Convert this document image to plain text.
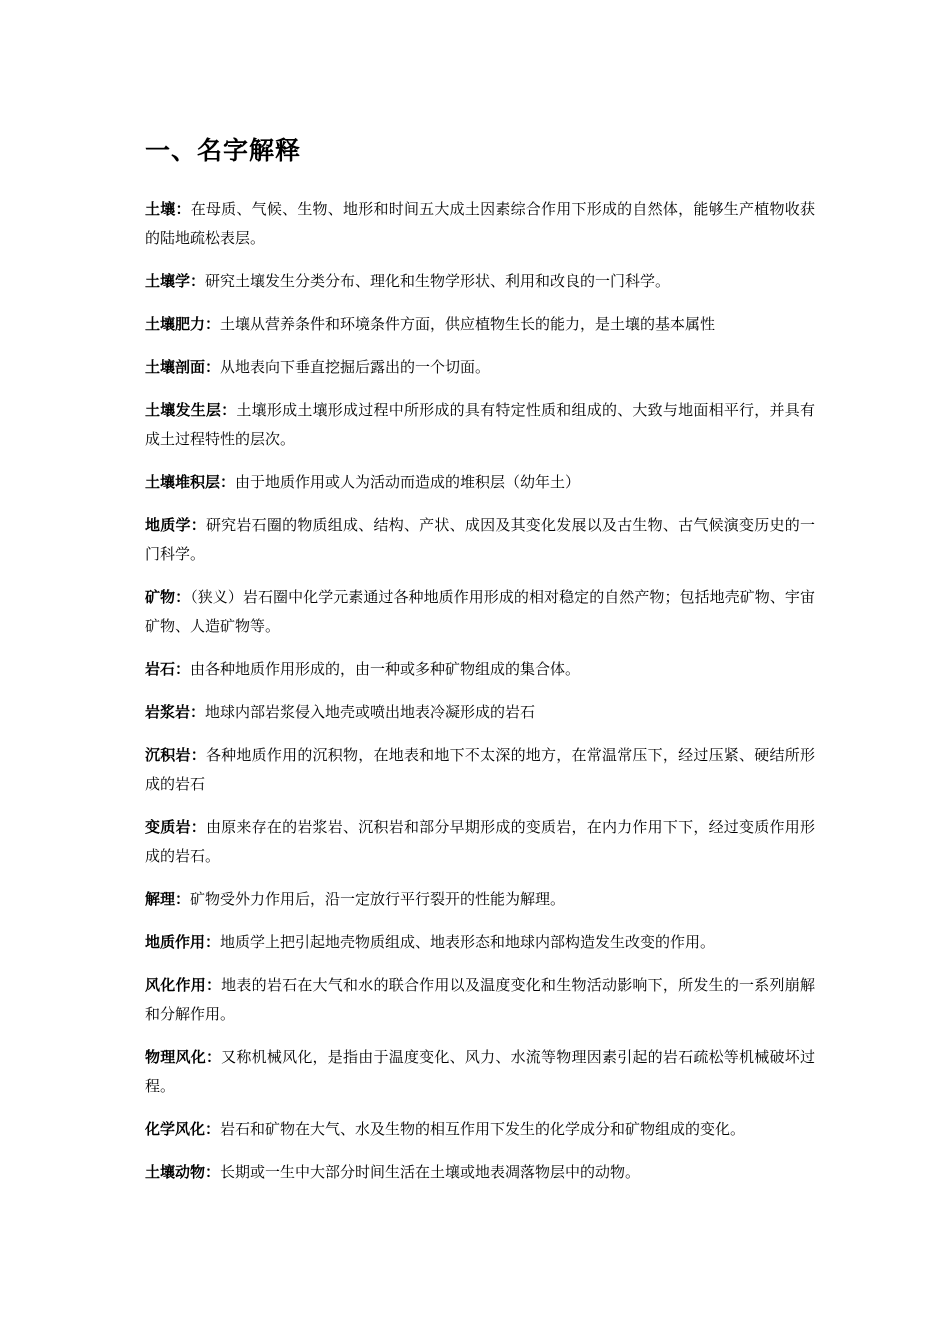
一、名字解释

土壤：在母质、气候、生物、地形和时间五大成土因素综合作用下形成的自然体，能够生产植物收获的陆地疏松表层。

土壤学：研究土壤发生分类分布、理化和生物学形状、利用和改良的一门科学。

土壤肥力：土壤从营养条件和环境条件方面，供应植物生长的能力，是土壤的基本属性

土壤剖面：从地表向下垂直挖掘后露出的一个切面。

土壤发生层：土壤形成土壤形成过程中所形成的具有特定性质和组成的、大致与地面相平行，并具有成土过程特性的层次。

土壤堆积层：由于地质作用或人为活动而造成的堆积层（幼年土）

地质学：研究岩石圈的物质组成、结构、产状、成因及其变化发展以及古生物、古气候演变历史的一门科学。

矿物：（狭义）岩石圈中化学元素通过各种地质作用形成的相对稳定的自然产物；包括地壳矿物、宇宙矿物、人造矿物等。

岩石：由各种地质作用形成的，由一种或多种矿物组成的集合体。

岩浆岩：地球内部岩浆侵入地壳或喷出地表冷凝形成的岩石

沉积岩：各种地质作用的沉积物，在地表和地下不太深的地方，在常温常压下，经过压紧、硬结所形成的岩石

变质岩：由原来存在的岩浆岩、沉积岩和部分早期形成的变质岩，在内力作用下下，经过变质作用形成的岩石。

解理：矿物受外力作用后，沿一定放行平行裂开的性能为解理。

地质作用：地质学上把引起地壳物质组成、地表形态和地球内部构造发生改变的作用。

风化作用：地表的岩石在大气和水的联合作用以及温度变化和生物活动影响下，所发生的一系列崩解和分解作用。

物理风化：又称机械风化，是指由于温度变化、风力、水流等物理因素引起的岩石疏松等机械破坏过程。

化学风化：岩石和矿物在大气、水及生物的相互作用下发生的化学成分和矿物组成的变化。

土壤动物：长期或一生中大部分时间生活在土壤或地表凋落物层中的动物。
